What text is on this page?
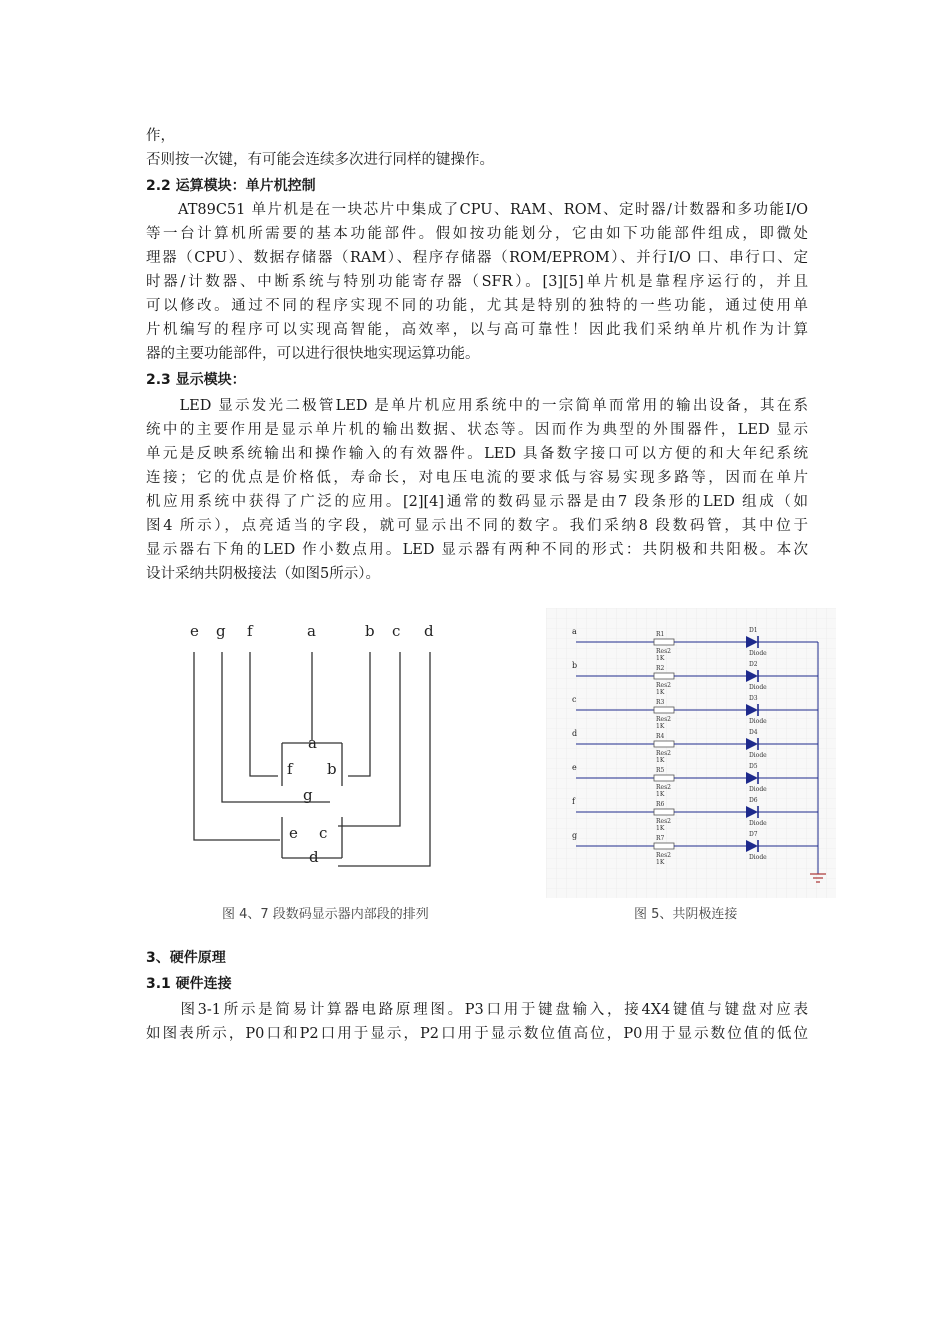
作，
否则按一次键，有可能会连续多次进行同样的键操作。
2.2 运算模块：单片机控制
　　AT89C51 单片机是在一块芯片中集成了CPU、RAM、ROM、定时器/计数器和多功能I/O
等一台计算机所需要的基本功能部件。假如按功能划分，它由如下功能部件组成，即微处
理器（CPU）、数据存储器（RAM）、程序存储器（ROM/EPROM）、并行I/O 口、串行口、定
时器/计数器、中断系统与特别功能寄存器（SFR）。[3][5]单片机是靠程序运行的，并且
可以修改。通过不同的程序实现不同的功能，尤其是特别的独特的一些功能，通过使用单
片机编写的程序可以实现高智能，高效率，以与高可靠性！因此我们采纳单片机作为计算
器的主要功能部件，可以进行很快地实现运算功能。
2.3 显示模块：
　　LED 显示发光二极管LED 是单片机应用系统中的一宗简单而常用的输出设备，其在系
统中的主要作用是显示单片机的输出数据、状态等。因而作为典型的外围器件，LED 显示
单元是反映系统输出和操作输入的有效器件。LED 具备数字接口可以方便的和大年纪系统
连接；它的优点是价格低，寿命长，对电压电流的要求低与容易实现多路等，因而在单片
机应用系统中获得了广泛的应用。[2][4]通常的数码显示器是由7 段条形的LED 组成（如
图4 所示），点亮适当的字段，就可显示出不同的数字。我们采纳8 段数码管，其中位于
显示器右下角的LED 作小数点用。LED 显示器有两种不同的形式：共阴极和共阳极。本次
设计采纳共阴极接法（如图5所示）。
e g f	a	b c d
a
f b
g
e c
d
图 4、7 段数码显示器内部段的排列
a	R1
Res2
1K
D1
Diode
b	R2
Res2
1K
D2
Diode
c	R3
Res2
1K
D3
Diode
d	R4
Res2
1K
D4
Diode
e	R5
Res2
1K
D5
Diode
f	R6
Res2
1K
D6
Diode
g	R7
Res2
1K
D7
Diode
图 5、共阴极连接
3、硬件原理
3.1 硬件连接
　　图3-1所示是简易计算器电路原理图。P3口用于键盘输入，接4X4键值与键盘对应表
如图表所示，P0口和P2口用于显示，P2口用于显示数位值高位，P0用于显示数位值的低位
